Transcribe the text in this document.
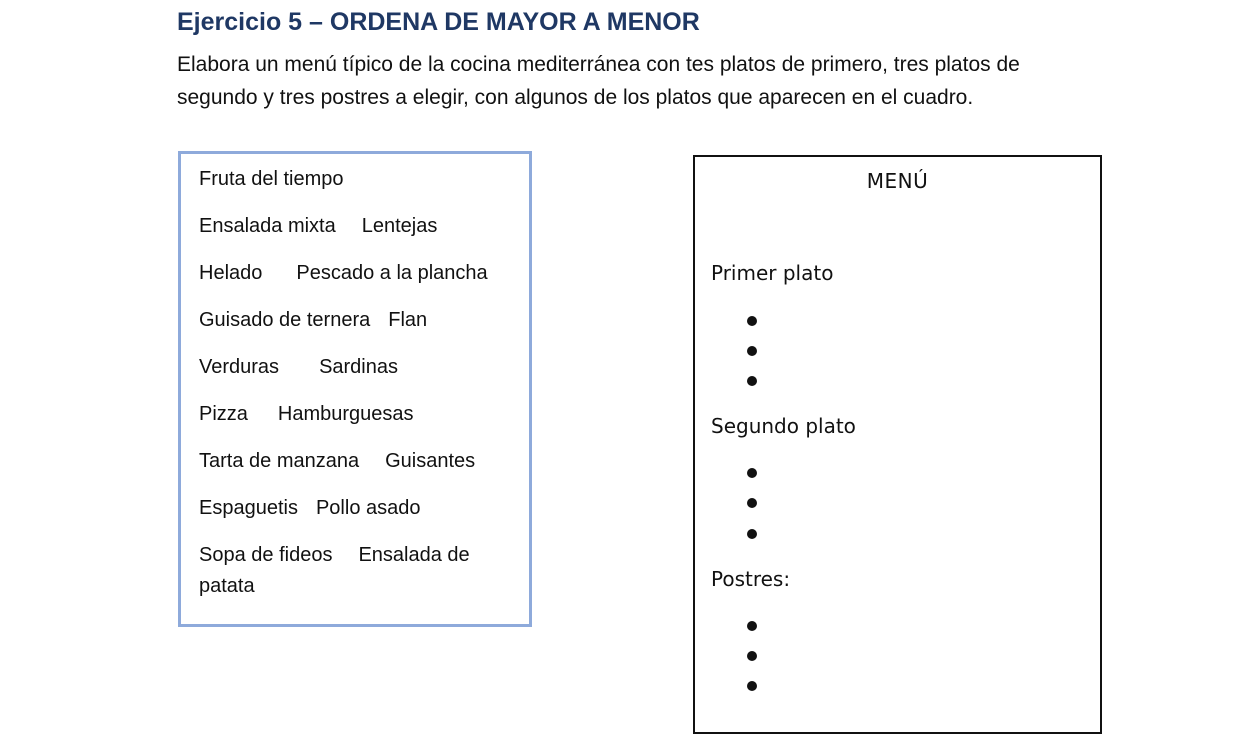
Ejercicio 5 – ORDENA DE MAYOR A MENOR
Elabora un menú típico de la cocina mediterránea con tes platos de primero, tres platos de segundo y tres postres a elegir, con algunos de los platos que aparecen en el cuadro.
Fruta del tiempo
Ensalada mixta Lentejas
Helado Pescado a la plancha
Guisado de ternera Flan
Verduras Sardinas
Pizza Hamburguesas
Tarta de manzana Guisantes
Espaguetis Pollo asado
Sopa de fideos Ensalada de patata
MENÚ
Primer plato
Segundo plato
Postres:
